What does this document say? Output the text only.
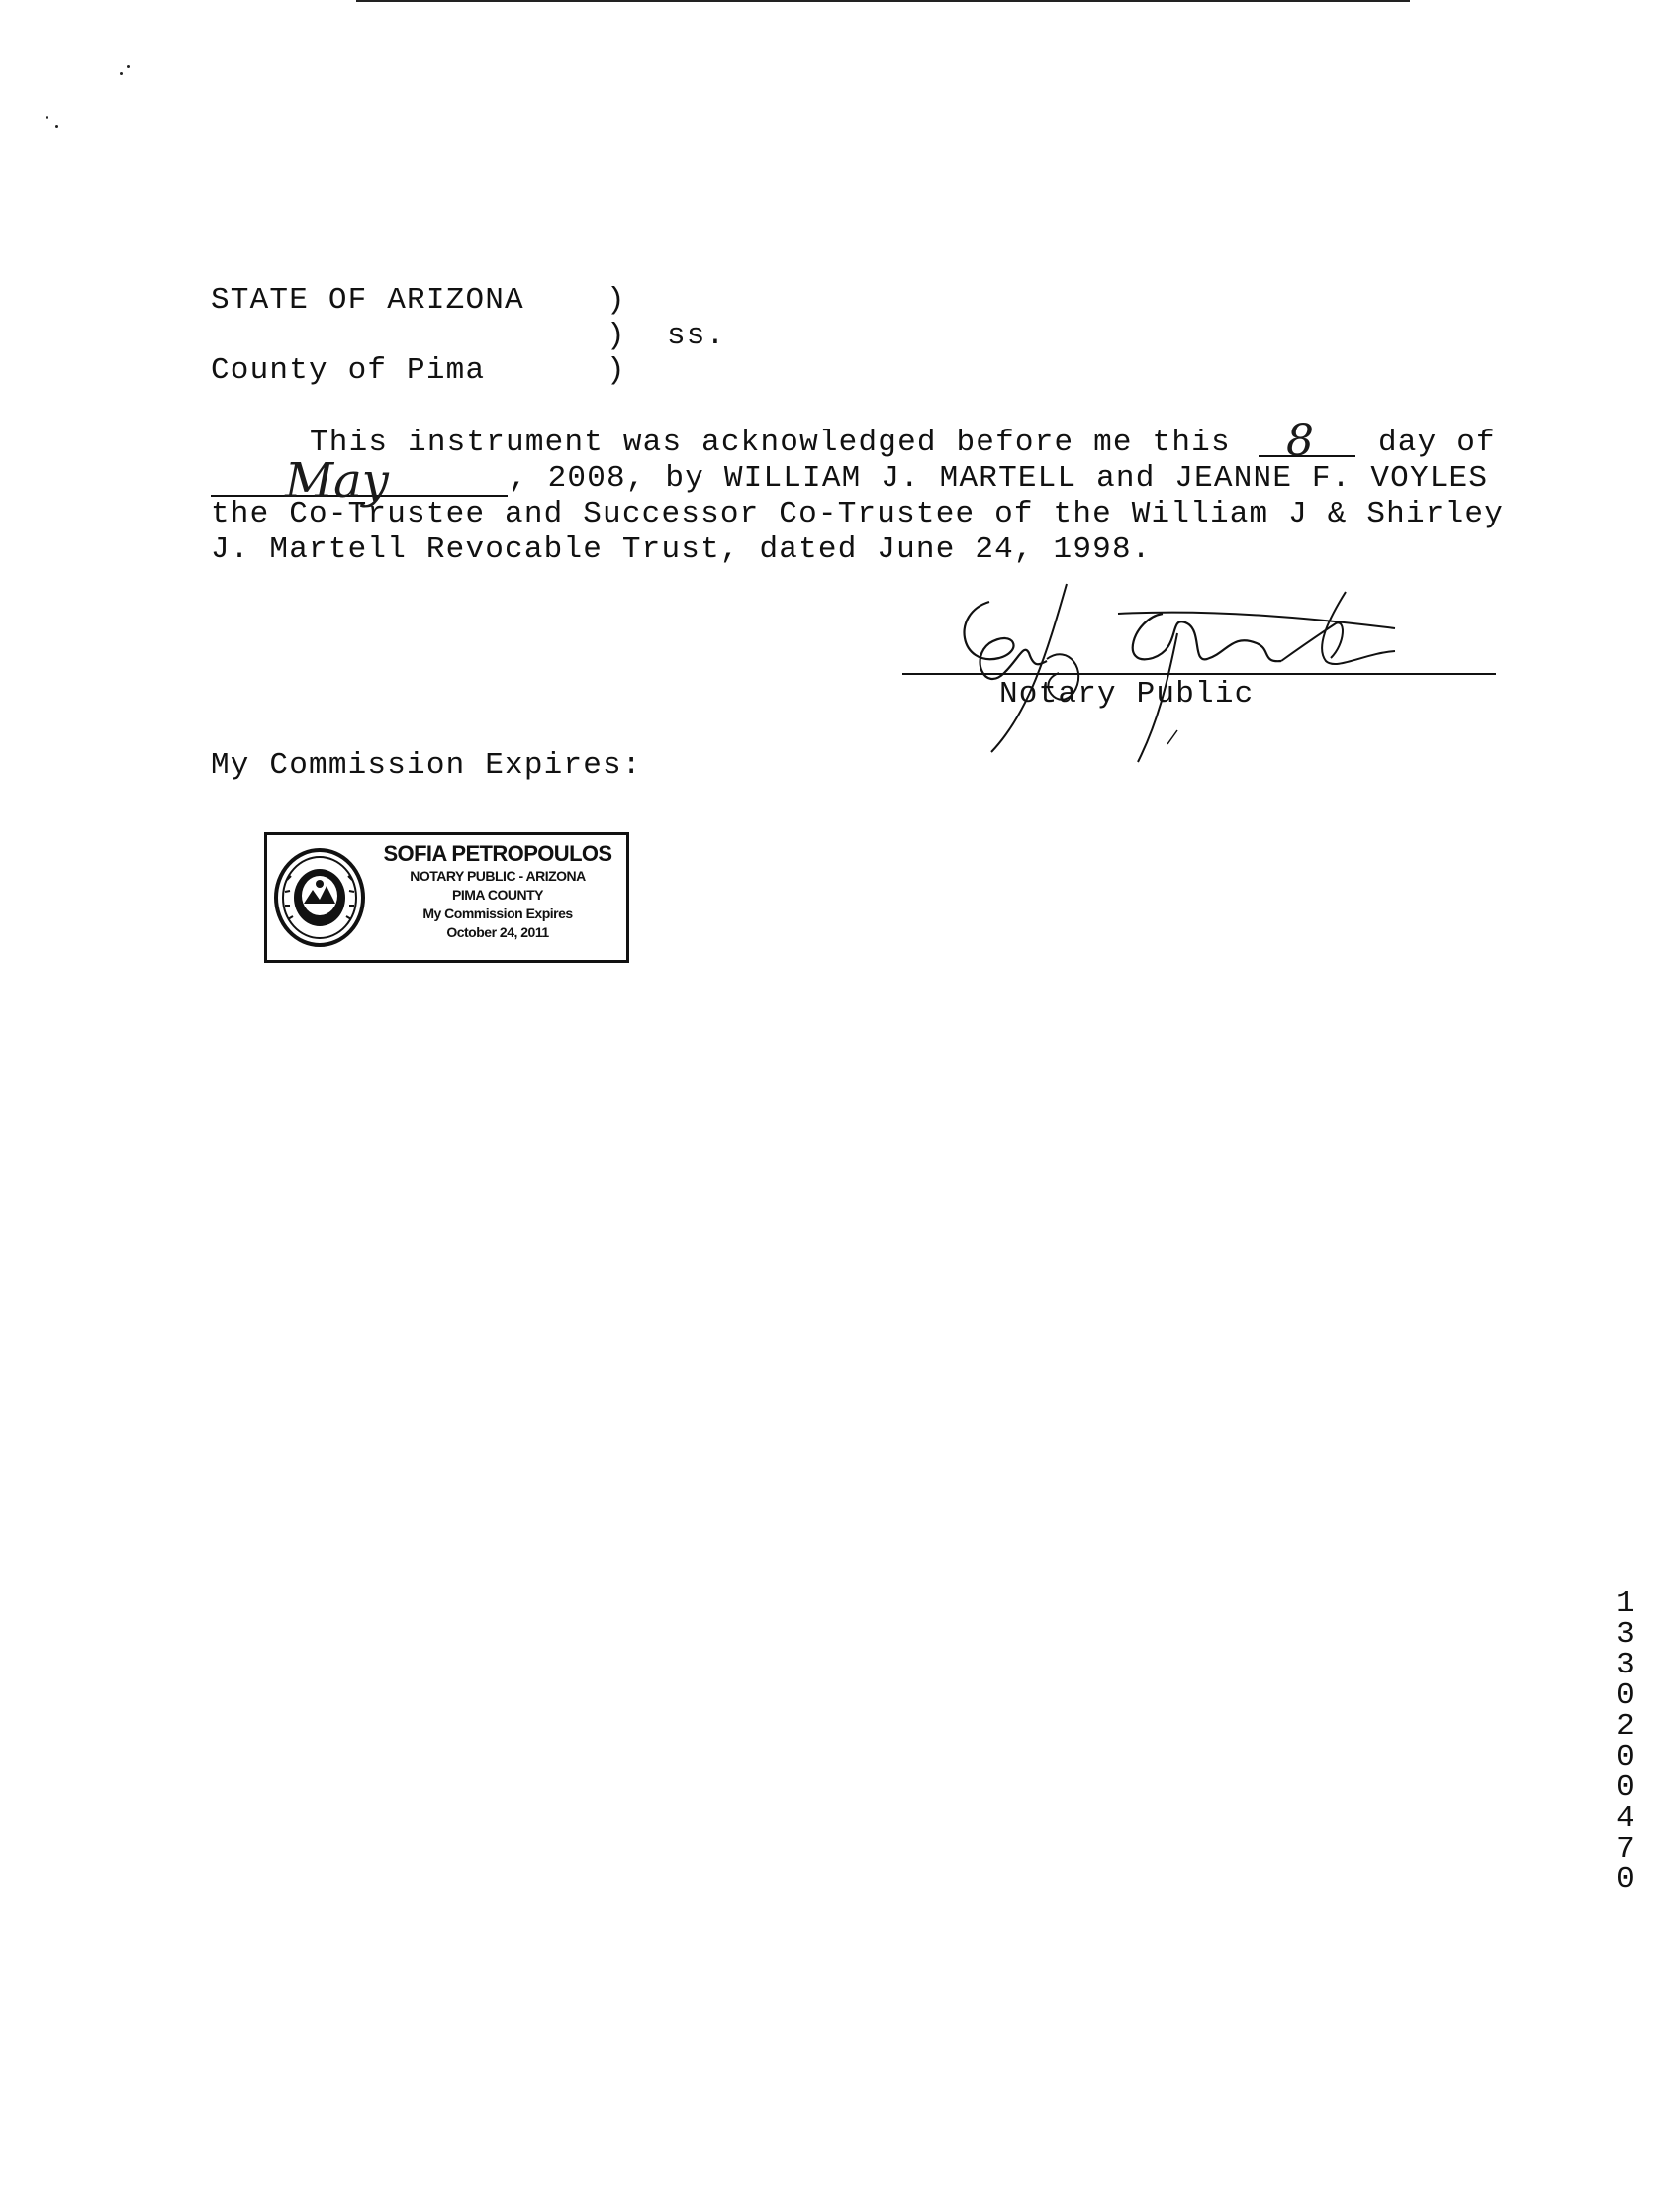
STATE OF ARIZONA
County of Pima
)
)
)
ss.
This instrument was acknowledged before me this 8 day of
May	, 2008, by WILLIAM J. MARTELL and JEANNE F. VOYLES
the Co-Trustee and Successor Co-Trustee of the William J & Shirley
J. Martell Revocable Trust, dated June 24, 1998.
Notary Public
My Commission Expires:
SOFIA PETROPOULOS
NOTARY PUBLIC - ARIZONA
PIMA COUNTY
My Commission Expires
October 24, 2011
13302 00470
